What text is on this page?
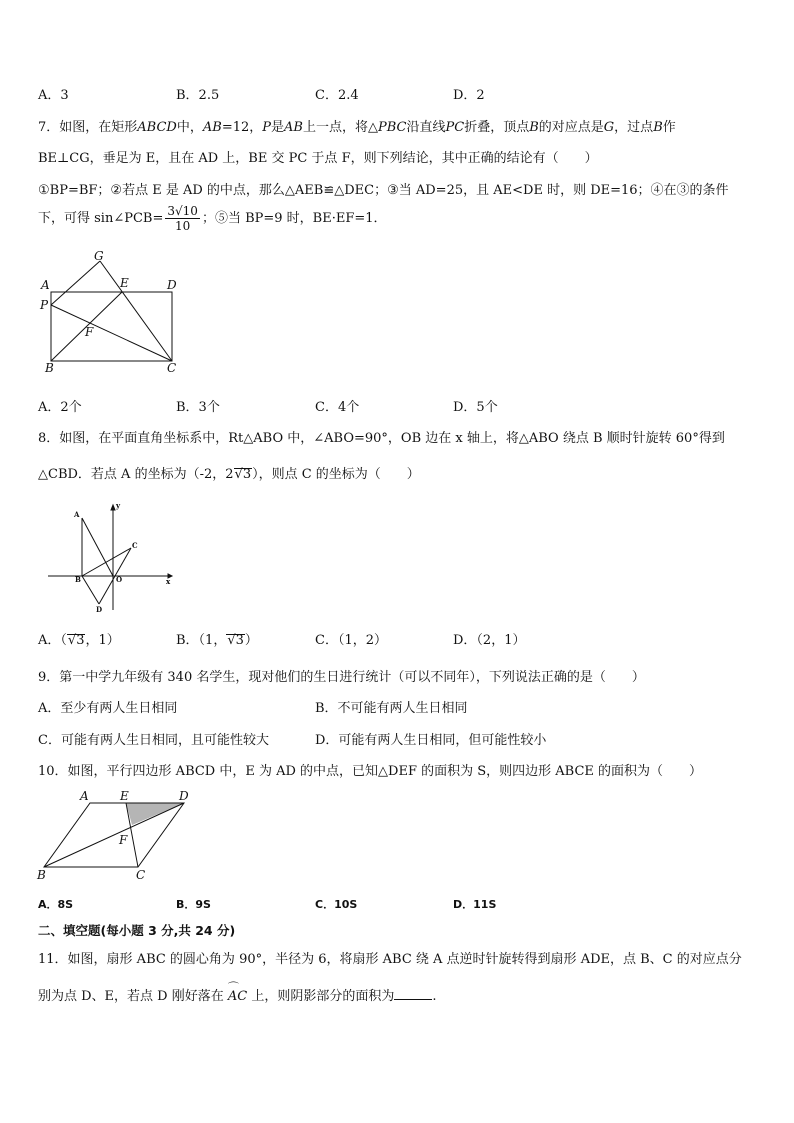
A．3	B．2.5	C．2.4	D．2
7．如图，在矩形ABCD中，AB=12，P是AB上一点，将△PBC沿直线PC折叠，顶点B的对应点是G，过点B作
BE⊥CG，垂足为 E，且在 AD 上，BE 交 PC 于点 F，则下列结论，其中正确的结论有（　　）
①BP=BF；②若点 E 是 AD 的中点，那么△AEB≌△DEC；③当 AD=25，且 AE<DE 时，则 DE=16；④在③的条件
下，可得 sin∠PCB= $\frac{3√10}{10}$ ；⑤当 BP=9 时，BE·EF=1．
G
A	E	D
P
F
B	C
A．2个	B．3个	C．4个	D．5个
8．如图，在平面直角坐标系中，Rt△ABO 中，∠ABO=90°，OB 边在 x 轴上，将△ABO 绕点 B 顺时针旋转 60°得到
△CBD．若点 A 的坐标为（-2，2√3），则点 C 的坐标为（　　）
y
x
A
B	O
C
D
A．（√3，1）	B．（1，√3）	C．（1，2）	D．（2，1）
9．第一中学九年级有 340 名学生，现对他们的生日进行统计（可以不同年），下列说法正确的是（　　）
A．至少有两人生日相同	B．不可能有两人生日相同
C．可能有两人生日相同，且可能性较大	D．可能有两人生日相同，但可能性较小
10．如图，平行四边形 ABCD 中，E 为 AD 的中点，已知△DEF 的面积为 S，则四边形 ABCE 的面积为（　　）
A	E	D
F
B	C
A．8S	B．9S	C．10S	D．11S
二、填空题(每小题 3 分,共 24 分)
11．如图，扇形 ABC 的圆心角为 90°，半径为 6，将扇形 ABC 绕 A 点逆时针旋转得到扇形 ADE，点 B、C 的对应点分
别为点 D、E，若点 D 刚好落在 ⌒ AC 上，则阴影部分的面积为	.
